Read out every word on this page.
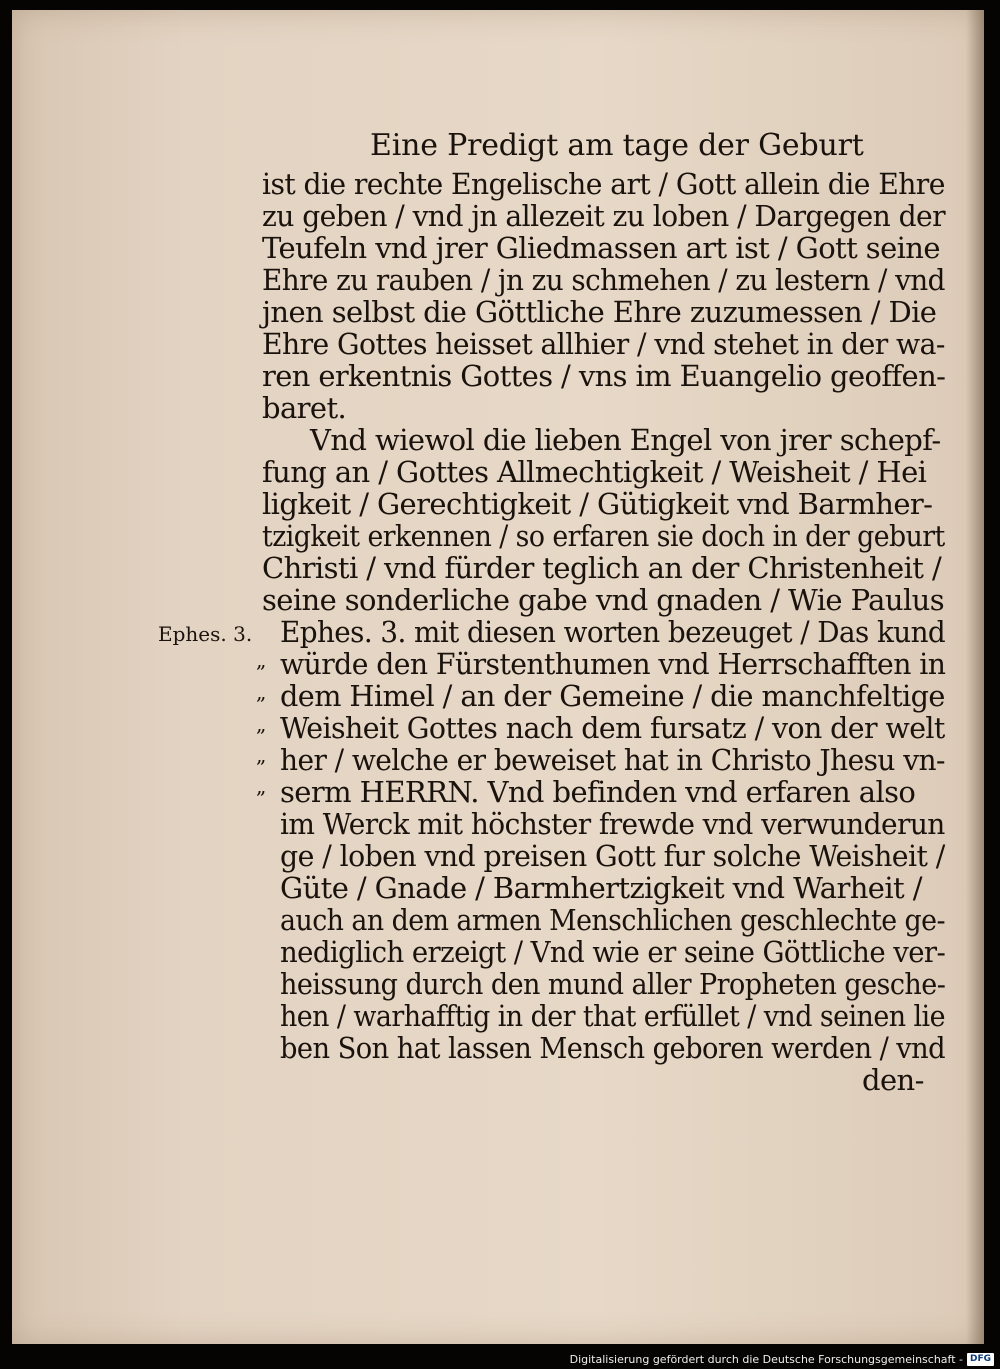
Eine Predigt am tage der Geburt
Ephes. 3.
„
„
„
„
„
ist die rechte Engelische art / Gott allein die Ehre
zu geben / vnd jn allezeit zu loben / Dargegen der
Teufeln vnd jrer Gliedmassen art ist / Gott seine
Ehre zu rauben / jn zu schmehen / zu lestern / vnd
jnen selbst die Göttliche Ehre zuzumessen / Die
Ehre Gottes heisset allhier / vnd stehet in der wa-
ren erkentnis Gottes / vns im Euangelio geoffen-
baret.
Vnd wiewol die lieben Engel von jrer schepf-
fung an / Gottes Allmechtigkeit / Weisheit / Hei
ligkeit / Gerechtigkeit / Gütigkeit vnd Barmher-
tzigkeit erkennen / so erfaren sie doch in der geburt
Christi / vnd fürder teglich an der Christenheit /
seine sonderliche gabe vnd gnaden / Wie Paulus
Ephes. 3. mit diesen worten bezeuget / Das kund
würde den Fürstenthumen vnd Herrschafften in
dem Himel / an der Gemeine / die manchfeltige
Weisheit Gottes nach dem fursatz / von der welt
her / welche er beweiset hat in Christo Jhesu vn-
serm HERRN. Vnd befinden vnd erfaren also
im Werck mit höchster frewde vnd verwunderun
ge / loben vnd preisen Gott fur solche Weisheit /
Güte / Gnade / Barmhertzigkeit vnd Warheit /
auch an dem armen Menschlichen geschlechte ge-
nediglich erzeigt / Vnd wie er seine Göttliche ver-
heissung durch den mund aller Propheten gesche-
hen / warhafftig in der that erfüllet / vnd seinen lie
ben Son hat lassen Mensch geboren werden / vnd
den-
Digitalisierung gefördert durch die Deutsche Forschungsgemeinschaft - DFG
